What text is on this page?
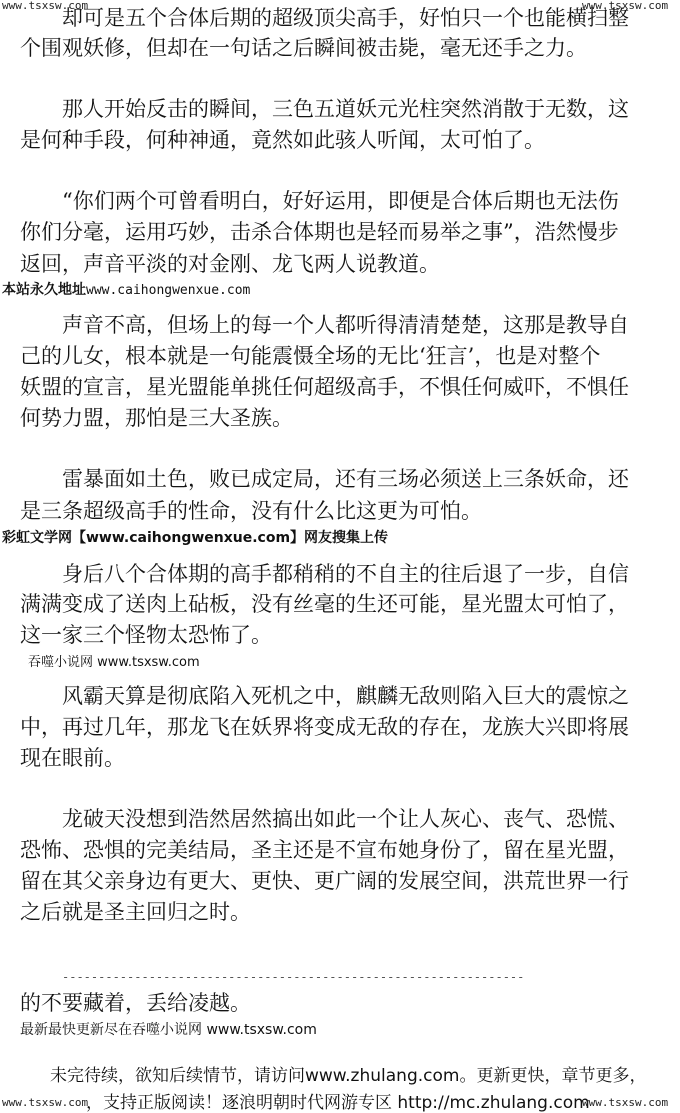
www.tsxsw.com	www.tsxsw.com
却可是五个合体后期的超级顶尖高手，好怕只一个也能横扫整
个围观妖修，但却在一句话之后瞬间被击毙，毫无还手之力。
那人开始反击的瞬间，三色五道妖元光柱突然消散于无数，这
是何种手段，何种神通，竟然如此骇人听闻，太可怕了。
“你们两个可曾看明白，好好运用，即便是合体后期也无法伤
你们分毫，运用巧妙，击杀合体期也是轻而易举之事”，浩然慢步
返回，声音平淡的对金刚、龙飞两人说教道。
本站永久地址www.caihongwenxue.com
声音不高，但场上的每一个人都听得清清楚楚，这那是教导自
己的儿女，根本就是一句能震慑全场的无比‘狂言’，也是对整个
妖盟的宣言，星光盟能单挑任何超级高手，不惧任何威吓，不惧任
何势力盟，那怕是三大圣族。
雷暴面如土色，败已成定局，还有三场必须送上三条妖命，还
是三条超级高手的性命，没有什么比这更为可怕。
彩虹文学网【www.caihongwenxue.com】网友搜集上传
身后八个合体期的高手都稍稍的不自主的往后退了一步，自信
满满变成了送肉上砧板，没有丝毫的生还可能，星光盟太可怕了，
这一家三个怪物太恐怖了。
吞噬小说网 www.tsxsw.com
风霸天算是彻底陷入死机之中，麒麟无敌则陷入巨大的震惊之
中，再过几年，那龙飞在妖界将变成无敌的存在，龙族大兴即将展
现在眼前。
龙破天没想到浩然居然搞出如此一个让人灰心、丧气、恐慌、
恐怖、恐惧的完美结局，圣主还是不宣布她身份了，留在星光盟，
留在其父亲身边有更大、更快、更广阔的发展空间，洪荒世界一行
之后就是圣主回归之时。
----------------------------------------------------------------
的不要藏着，丢给凌越。
最新最快更新尽在吞噬小说网 www.tsxsw.com
未完待续，欲知后续情节，请访问www.zhulang.com。更新更快，章节更多，
www.tsxsw.com
，支持正版阅读！逐浪明朝时代网游专区 http://mc.zhulang.com
www.tsxsw.com
